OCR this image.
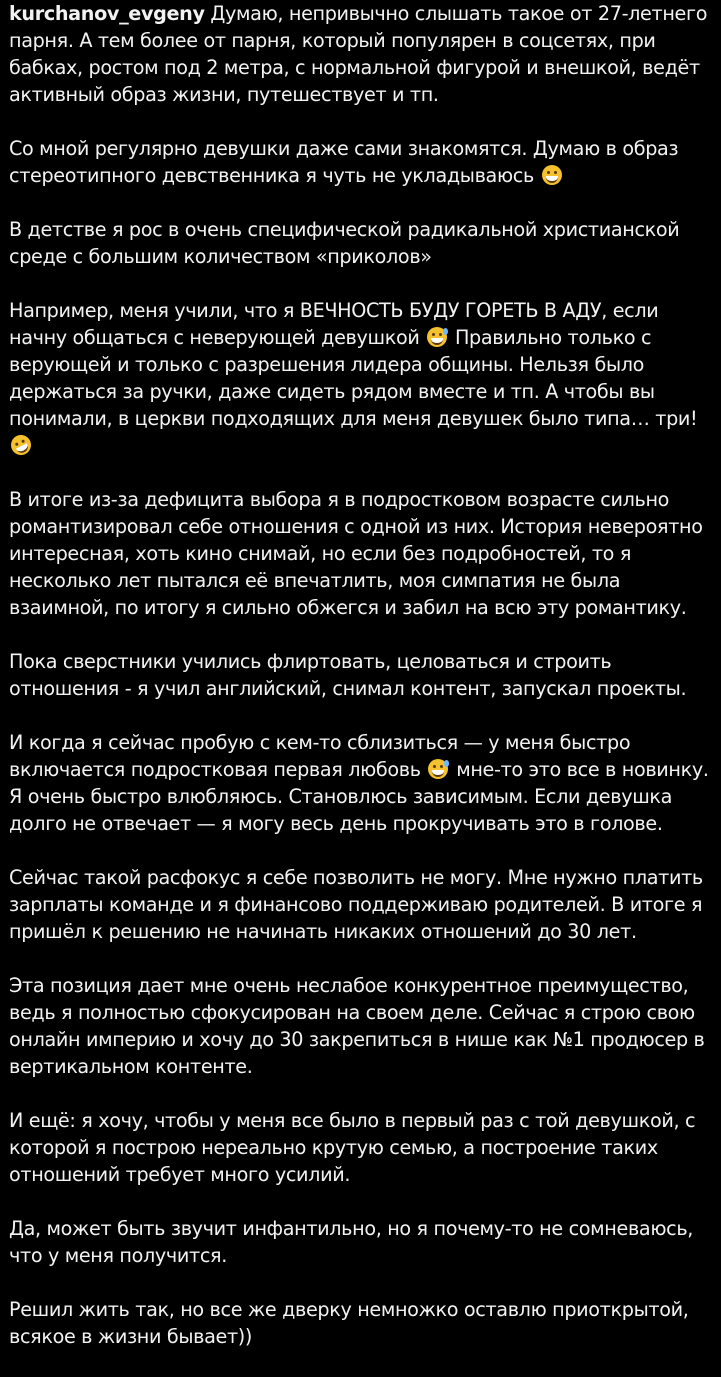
kurchanov_evgeny Думаю, непривычно слышать такое от 27-летнего парня. А тем более от парня, который популярен в соцсетях, при бабках, ростом под 2 метра, с нормальной фигурой и внешкой, ведёт активный образ жизни, путешествует и тп.

Со мной регулярно девушки даже сами знакомятся. Думаю в образ стереотипного девственника я чуть не укладываюсь

В детстве я рос в очень специфической радикальной христианской среде с большим количеством «приколов»

Например, меня учили, что я ВЕЧНОСТЬ БУДУ ГОРЕТЬ В АДУ, если начну общаться с неверующей девушкой Правильно только с верующей и только с разрешения лидера общины. Нельзя было держаться за ручки, даже сидеть рядом вместе и тп. А чтобы вы понимали, в церкви подходящих для меня девушек было типа… три!

В итоге из-за дефицита выбора я в подростковом возрасте сильно романтизировал себе отношения с одной из них. История невероятно интересная, хоть кино снимай, но если без подробностей, то я несколько лет пытался её впечатлить, моя симпатия не была взаимной, по итогу я сильно обжегся и забил на всю эту романтику.

Пока сверстники учились флиртовать, целоваться и строить отношения - я учил английский, снимал контент, запускал проекты.

И когда я сейчас пробую с кем-то сблизиться — у меня быстро включается подростковая первая любовь мне-то это все в новинку. Я очень быстро влюбляюсь. Становлюсь зависимым. Если девушка долго не отвечает — я могу весь день прокручивать это в голове.

Сейчас такой расфокус я себе позволить не могу. Мне нужно платить зарплаты команде и я финансово поддерживаю родителей. В итоге я пришёл к решению не начинать никаких отношений до 30 лет.

Эта позиция дает мне очень неслабое конкурентное преимущество, ведь я полностью сфокусирован на своем деле. Сейчас я строю свою онлайн империю и хочу до 30 закрепиться в нише как №1 продюсер в вертикальном контенте.

И ещё: я хочу, чтобы у меня все было в первый раз с той девушкой, с которой я построю нереально крутую семью, а построение таких отношений требует много усилий.

Да, может быть звучит инфантильно, но я почему-то не сомневаюсь, что у меня получится.

Решил жить так, но все же дверку немножко оставлю приоткрытой, всякое в жизни бывает))
